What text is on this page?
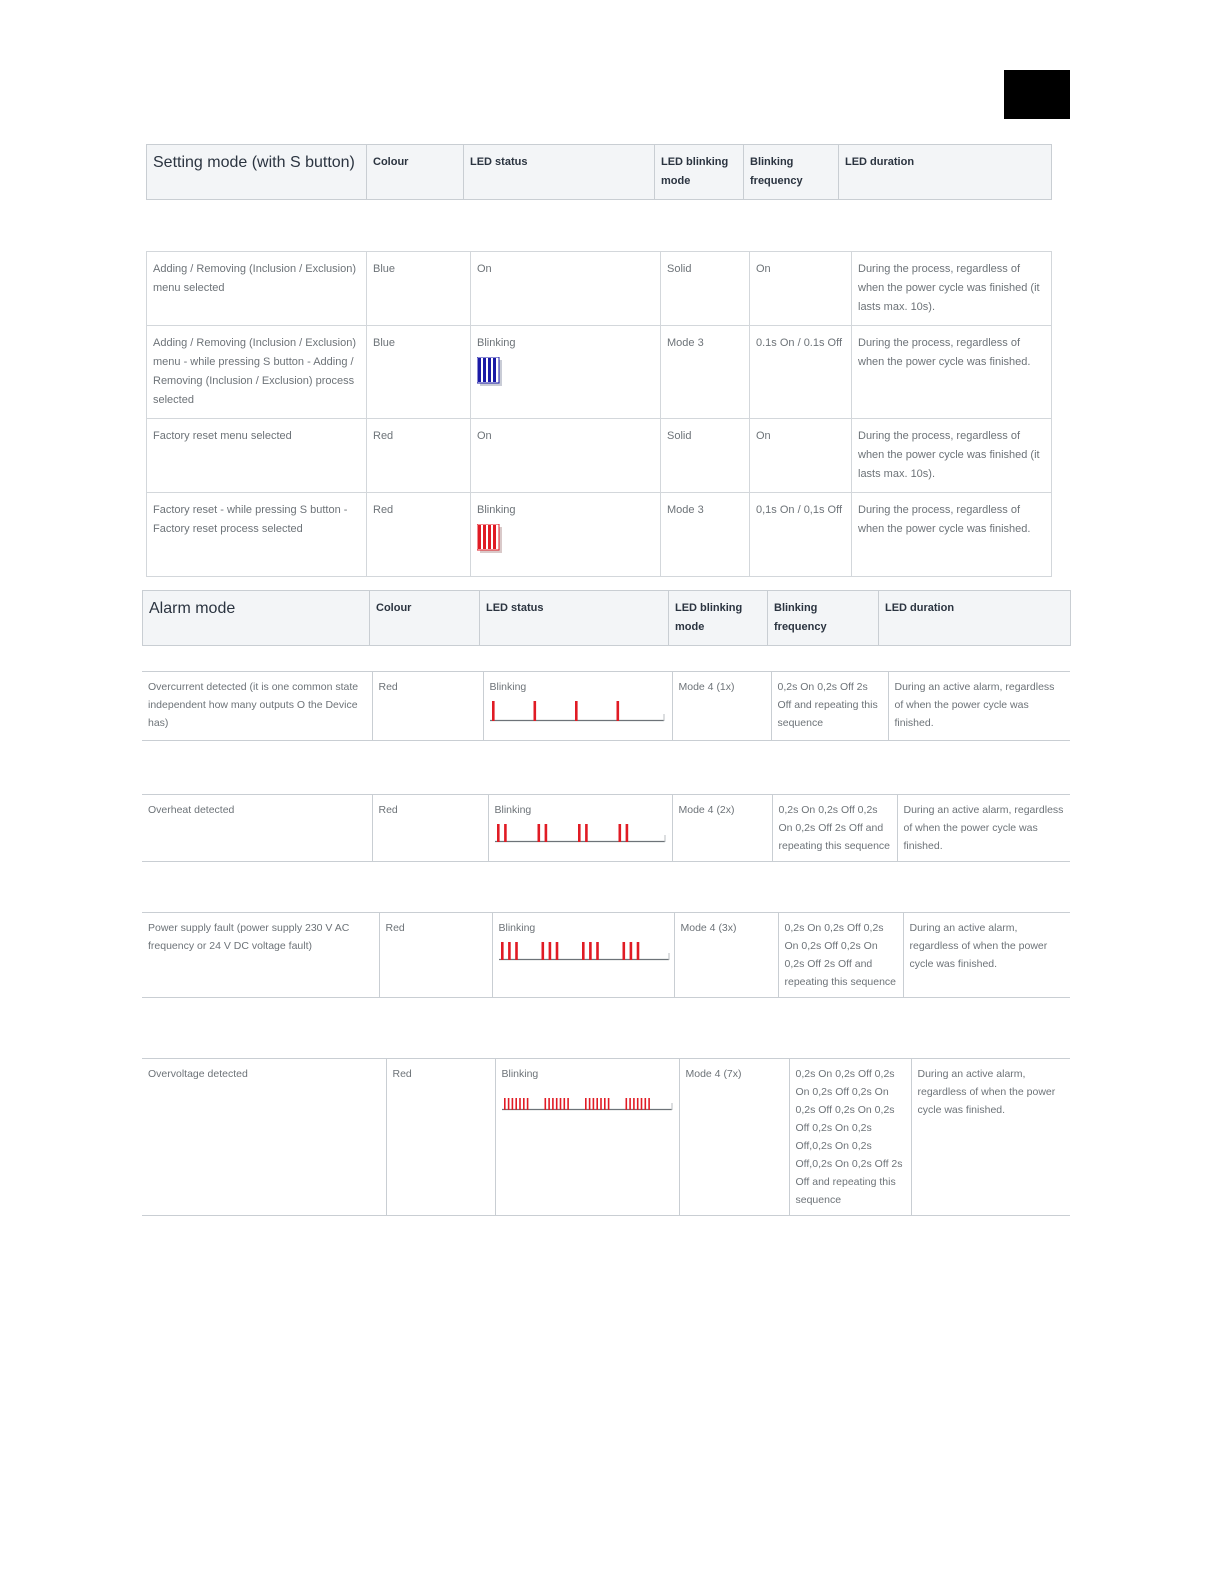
Setting mode (with S button)	Colour	LED status	LED blinking mode	Blinking frequency	LED duration
Adding / Removing (Inclusion / Exclusion) menu selected	Blue	On	Solid	On	During the process, regardless of when the power cycle was finished (it lasts max. 10s).
Adding / Removing (Inclusion / Exclusion) menu - while pressing S button - Adding / Removing (Inclusion / Exclusion) process selected	Blue	Blinking	Mode 3	0.1s On / 0.1s Off	During the process, regardless of when the power cycle was finished.
Factory reset menu selected	Red	On	Solid	On	During the process, regardless of when the power cycle was finished (it lasts max. 10s).
Factory reset - while pressing S button - Factory reset process selected	Red	Blinking	Mode 3	0,1s On / 0,1s Off	During the process, regardless of when the power cycle was finished.
Alarm mode	Colour	LED status	LED blinking mode	Blinking frequency	LED duration
Overcurrent detected (it is one common state independent how many outputs O the Device has)	Red	Blinking	Mode 4 (1x)	0,2s On 0,2s Off 2s Off and repeating this sequence	During an active alarm, regardless of when the power cycle was finished.
Overheat detected	Red	Blinking	Mode 4 (2x)	0,2s On 0,2s Off 0,2s On 0,2s Off 2s Off and repeating this sequence	During an active alarm, regardless of when the power cycle was finished.
Power supply fault (power supply 230 V AC frequency or 24 V DC voltage fault)	Red	Blinking	Mode 4 (3x)	0,2s On 0,2s Off 0,2s On 0,2s Off 0,2s On 0,2s Off 2s Off and repeating this sequence	During an active alarm, regardless of when the power cycle was finished.
Overvoltage detected	Red	Blinking	Mode 4 (7x)	0,2s On 0,2s Off 0,2s On 0,2s Off 0,2s On 0,2s Off 0,2s On 0,2s Off 0,2s On 0,2s Off,0,2s On 0,2s Off,0,2s On 0,2s Off 2s Off and repeating this sequence	During an active alarm, regardless of when the power cycle was finished.
